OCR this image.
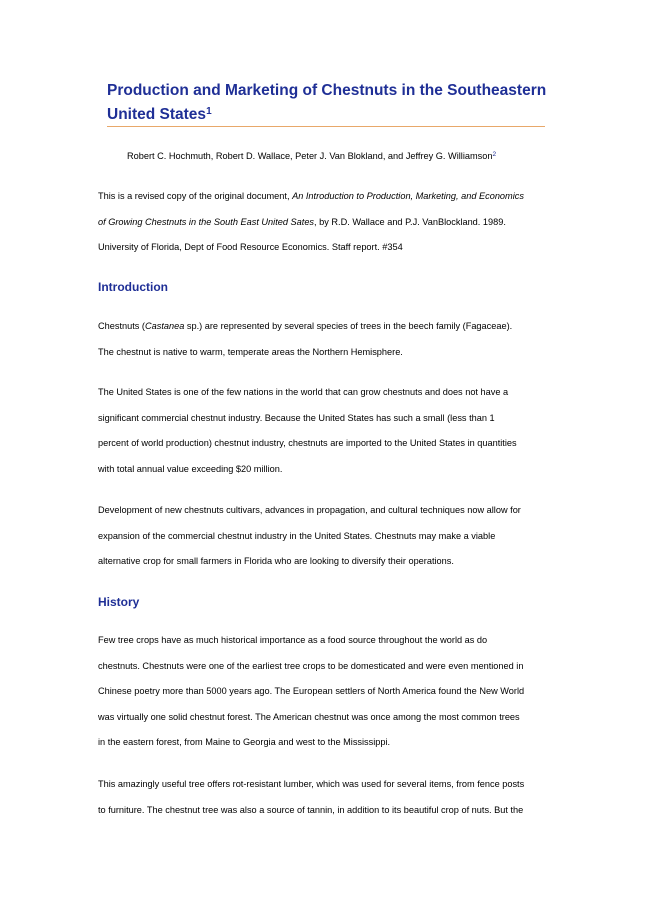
Production and Marketing of Chestnuts in the Southeastern
United States$^1$

Robert C. Hochmuth, Robert D. Wallace, Peter J. Van Blokland, and Jeffrey G. Williamson$^2$

This is a revised copy of the original document, An Introduction to Production, Marketing, and Economics
of Growing Chestnuts in the South East United Sates, by R.D. Wallace and P.J. VanBlockland. 1989.
University of Florida, Dept of Food Resource Economics. Staff report. #354

Introduction

Chestnuts (Castanea sp.) are represented by several species of trees in the beech family (Fagaceae).
The chestnut is native to warm, temperate areas the Northern Hemisphere.

The United States is one of the few nations in the world that can grow chestnuts and does not have a
significant commercial chestnut industry. Because the United States has such a small (less than 1
percent of world production) chestnut industry, chestnuts are imported to the United States in quantities
with total annual value exceeding $20 million.

Development of new chestnuts cultivars, advances in propagation, and cultural techniques now allow for
expansion of the commercial chestnut industry in the United States. Chestnuts may make a viable
alternative crop for small farmers in Florida who are looking to diversify their operations.

History

Few tree crops have as much historical importance as a food source throughout the world as do
chestnuts. Chestnuts were one of the earliest tree crops to be domesticated and were even mentioned in
Chinese poetry more than 5000 years ago. The European settlers of North America found the New World
was virtually one solid chestnut forest. The American chestnut was once among the most common trees
in the eastern forest, from Maine to Georgia and west to the Mississippi.

This amazingly useful tree offers rot-resistant lumber, which was used for several items, from fence posts
to furniture. The chestnut tree was also a source of tannin, in addition to its beautiful crop of nuts. But the
